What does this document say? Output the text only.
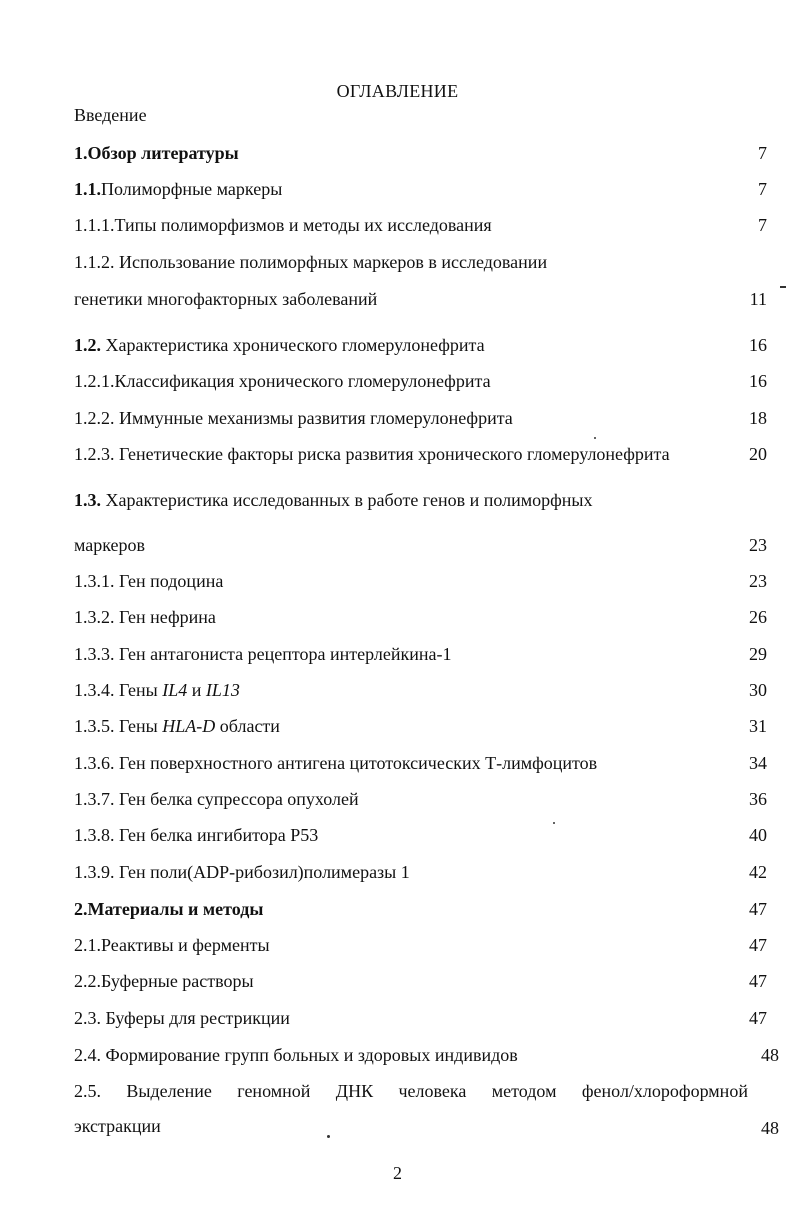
ОГЛАВЛЕНИЕ
Введение
1.Обзор литературы	7
1.1.Полиморфные маркеры	7
1.1.1.Типы полиморфизмов и методы их исследования	7
1.1.2. Использование полиморфных маркеров в исследовании
генетики многофакторных заболеваний	11
1.2. Характеристика хронического гломерулонефрита	16
1.2.1.Классификация хронического гломерулонефрита	16
1.2.2. Иммунные механизмы развития гломерулонефрита	18
1.2.3. Генетические факторы риска развития хронического гломерулонефрита	20
1.3. Характеристика исследованных в работе генов и полиморфных
маркеров	23
1.3.1. Ген подоцина	23
1.3.2. Ген нефрина	26
1.3.3. Ген антагониста рецептора интерлейкина-1	29
1.3.4. Гены IL4 и IL13	30
1.3.5. Гены HLA-D области	31
1.3.6. Ген поверхностного антигена цитотоксических Т-лимфоцитов	34
1.3.7. Ген белка супрессора опухолей	36
1.3.8. Ген белка ингибитора Р53	40
1.3.9. Ген поли(ADP-рибозил)полимеразы 1	42
2.Материалы и методы	47
2.1.Реактивы и ферменты	47
2.2.Буферные растворы	47
2.3. Буферы для рестрикции	47
2.4. Формирование групп больных и здоровых индивидов	48
2.5. Выделение геномной ДНК человека методом фенол/хлороформной
экстракции	48
2
